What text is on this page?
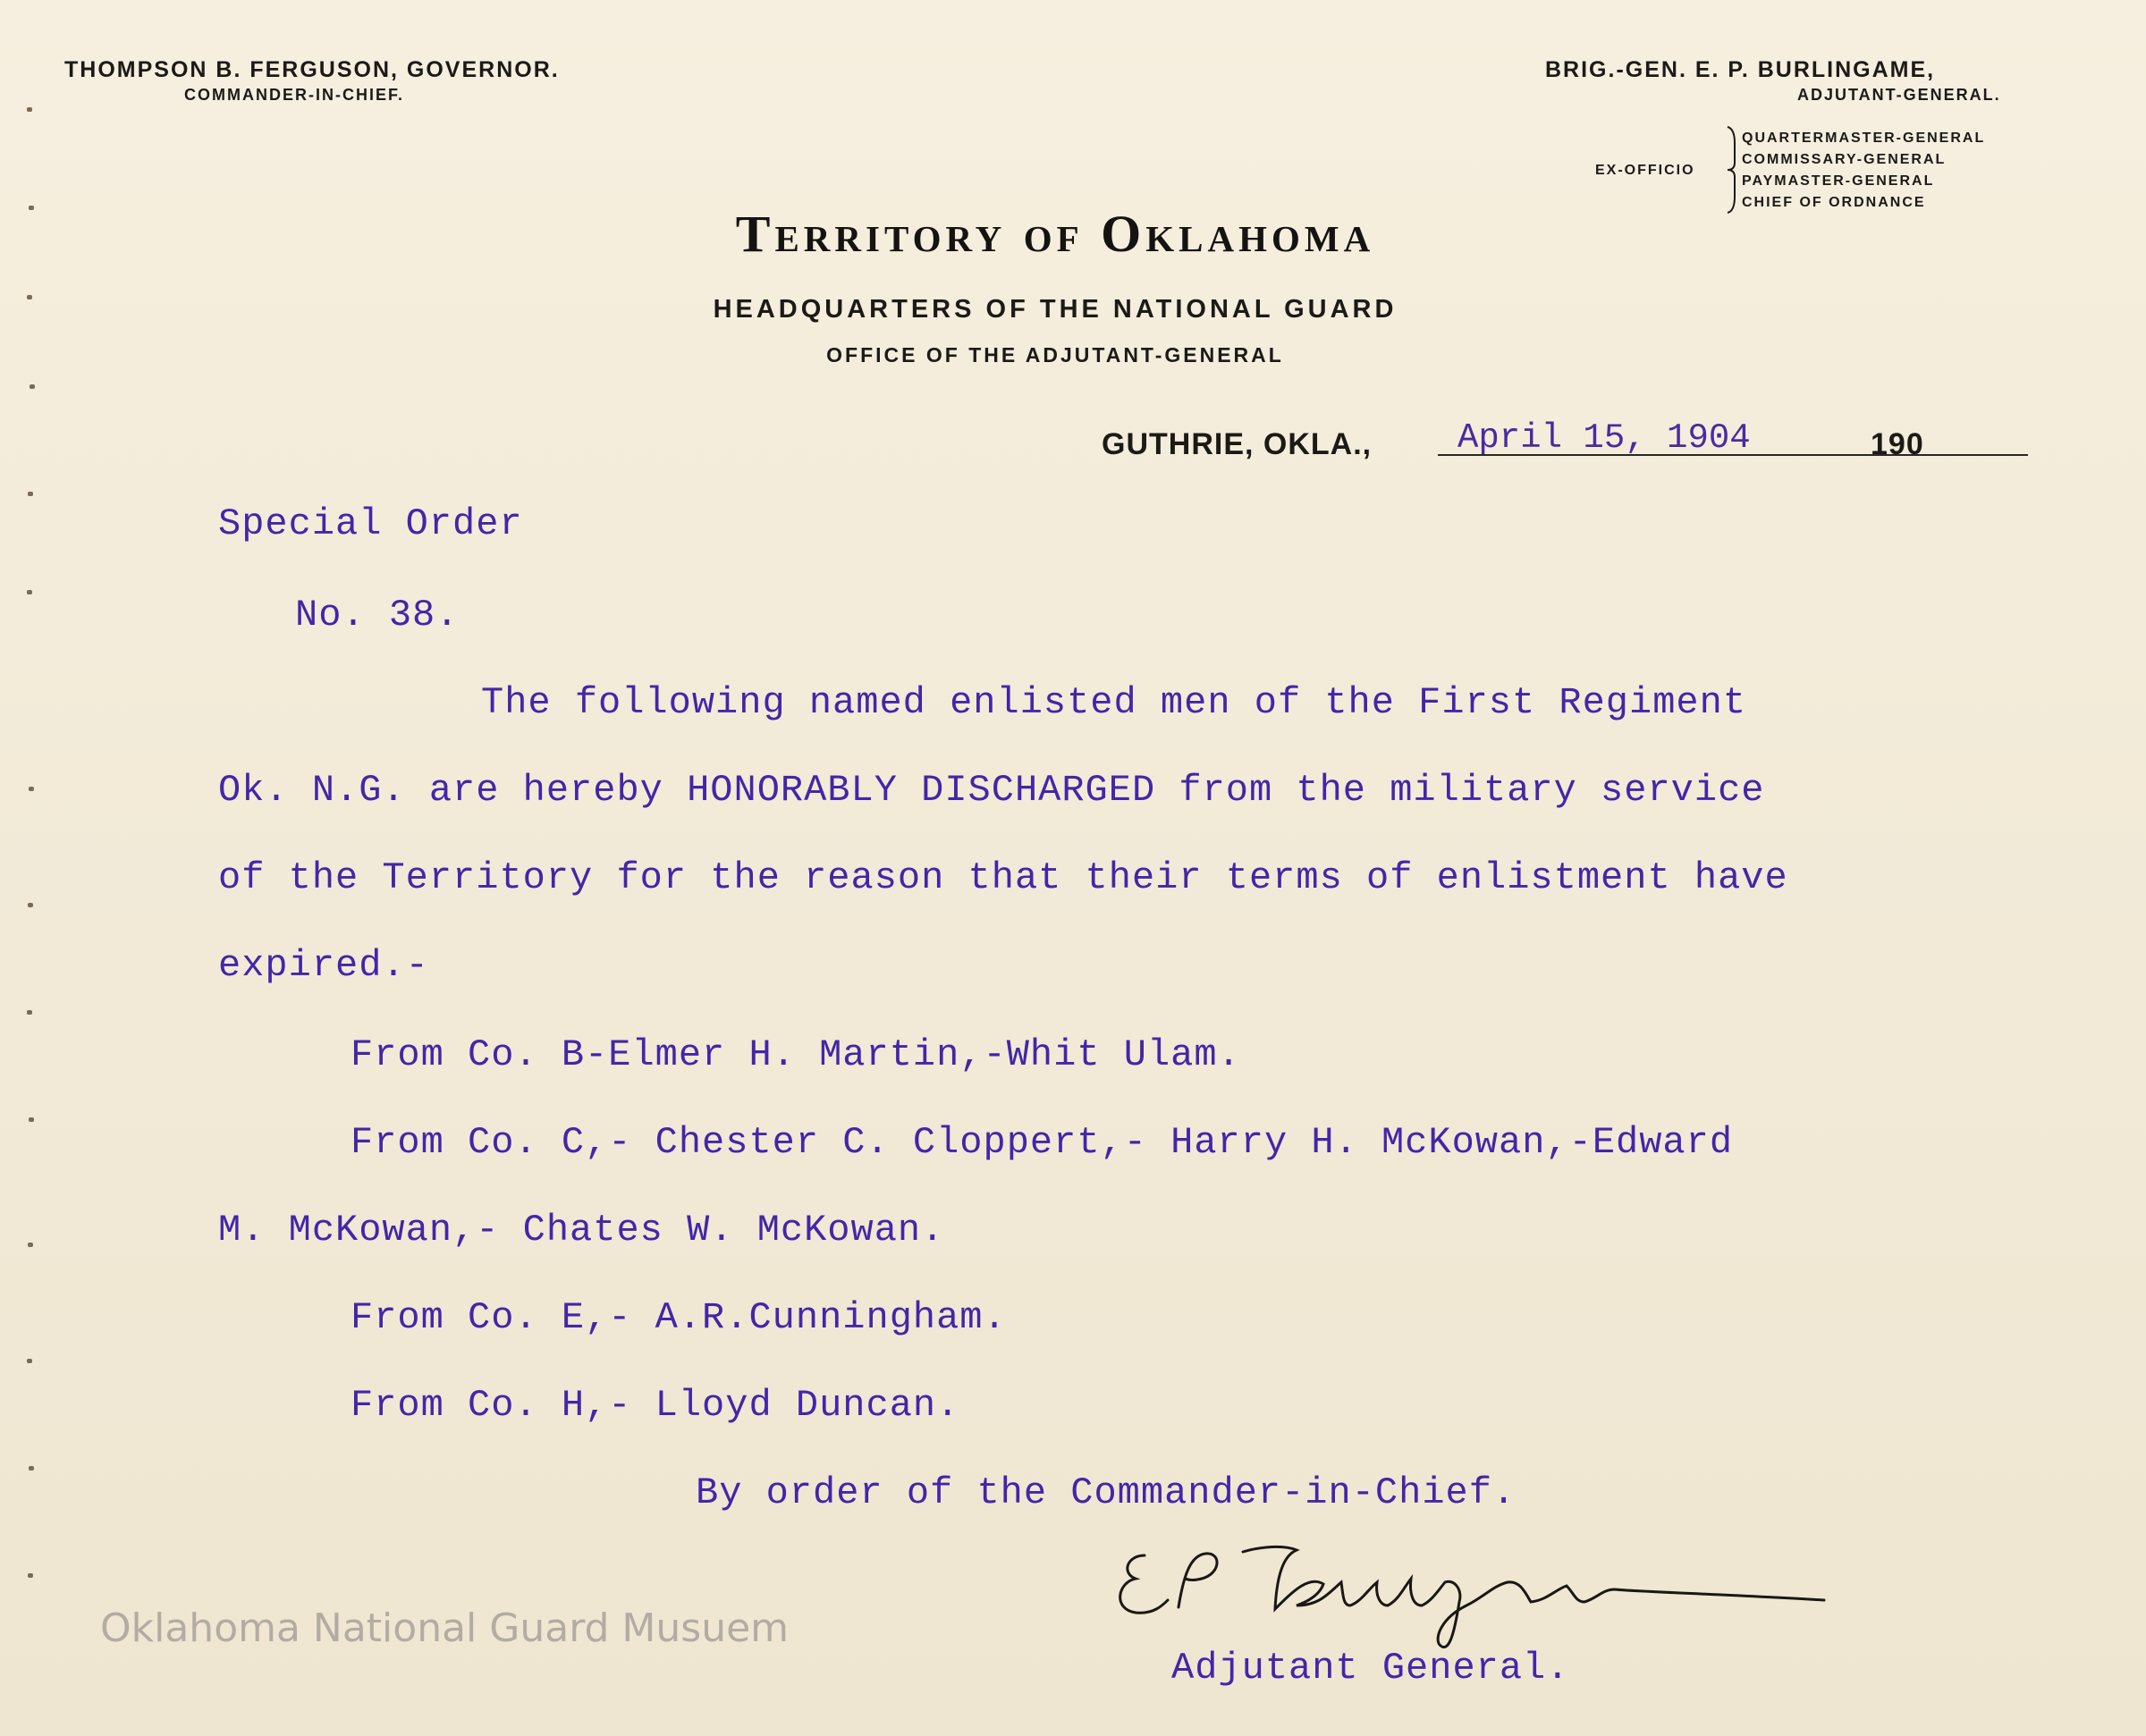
THOMPSON B. FERGUSON, GOVERNOR.
COMMANDER-IN-CHIEF.
BRIG.-GEN. E. P. BURLINGAME,
ADJUTANT-GENERAL.
EX-OFFICIO
QUARTERMASTER-GENERAL
COMMISSARY-GENERAL
PAYMASTER-GENERAL
CHIEF OF ORDNANCE
Territory of Oklahoma
HEADQUARTERS OF THE NATIONAL GUARD
OFFICE OF THE ADJUTANT-GENERAL
GUTHRIE, OKLA., April 15, 1904	190
Special Order
No. 38.
The following named enlisted men of the First Regiment
Ok. N.G. are hereby HONORABLY DISCHARGED from the military service
of the Territory for the reason that their terms of enlistment have
expired.-
From Co. B-Elmer H. Martin,-Whit Ulam.
From Co. C,- Chester C. Cloppert,- Harry H. McKowan,-Edward
M. McKowan,- Chates W. McKowan.
From Co. E,- A.R.Cunningham.
From Co. H,- Lloyd Duncan.
By order of the Commander-in-Chief.
Adjutant General.
Oklahoma National Guard Musuem
